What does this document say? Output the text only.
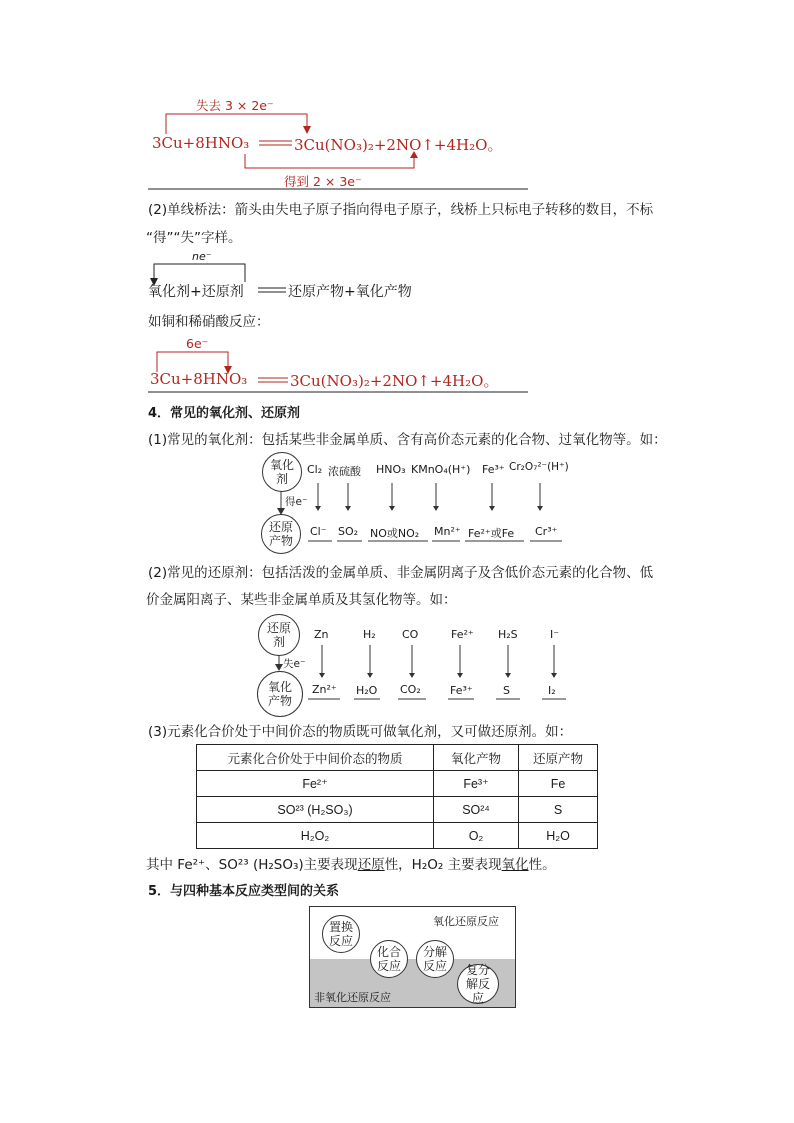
失去 3 × 2e⁻
3Cu+8HNO₃	3Cu(NO₃)₂+2NO↑+4H₂O。
得到 2 × 3e⁻
(2)单线桥法：箭头由失电子原子指向得电子原子，线桥上只标电子转移的数目，不标
“得”“失”字样。
ne⁻
氧化剂+还原剂	还原产物+氧化产物
如铜和稀硝酸反应：
6e⁻
3Cu+8HNO₃	3Cu(NO₃)₂+2NO↑+4H₂O。
4．常见的氧化剂、还原剂
(1)常见的氧化剂：包括某些非金属单质、含有高价态元素的化合物、过氧化物等。如：
氧化剂
还原产物
得e⁻
Cl₂ 浓硫酸 HNO₃ KMnO₄(H⁺) Fe³⁺ Cr₂O₇²⁻(H⁺)
Cl⁻ SO₂ NO或NO₂ Mn²⁺ Fe²⁺或Fe Cr³⁺
(2)常见的还原剂：包括活泼的金属单质、非金属阴离子及含低价态元素的化合物、低
价金属阳离子、某些非金属单质及其氢化物等。如：
还原剂
氧化产物
失e⁻
Zn	H₂ CO	Fe²⁺ H₂S	I⁻
Zn²⁺ H₂O CO₂	Fe³⁺	S	I₂
(3)元素化合价处于中间价态的物质既可做氧化剂，又可做还原剂。如：
元素化合价处于中间价态的物质	氧化产物	还原产物
Fe²⁺	Fe³⁺	Fe
SO²³ (H₂SO₃)	SO²⁴	S
H₂O₂	O₂	H₂O
其中 Fe²⁺、SO²³ (H₂SO₃)主要表现还原性，H₂O₂ 主要表现氧化性。
5．与四种基本反应类型间的关系
氧化还原反应
非氧化还原反应
置换反应
化合反应
分解反应	复分解反应
